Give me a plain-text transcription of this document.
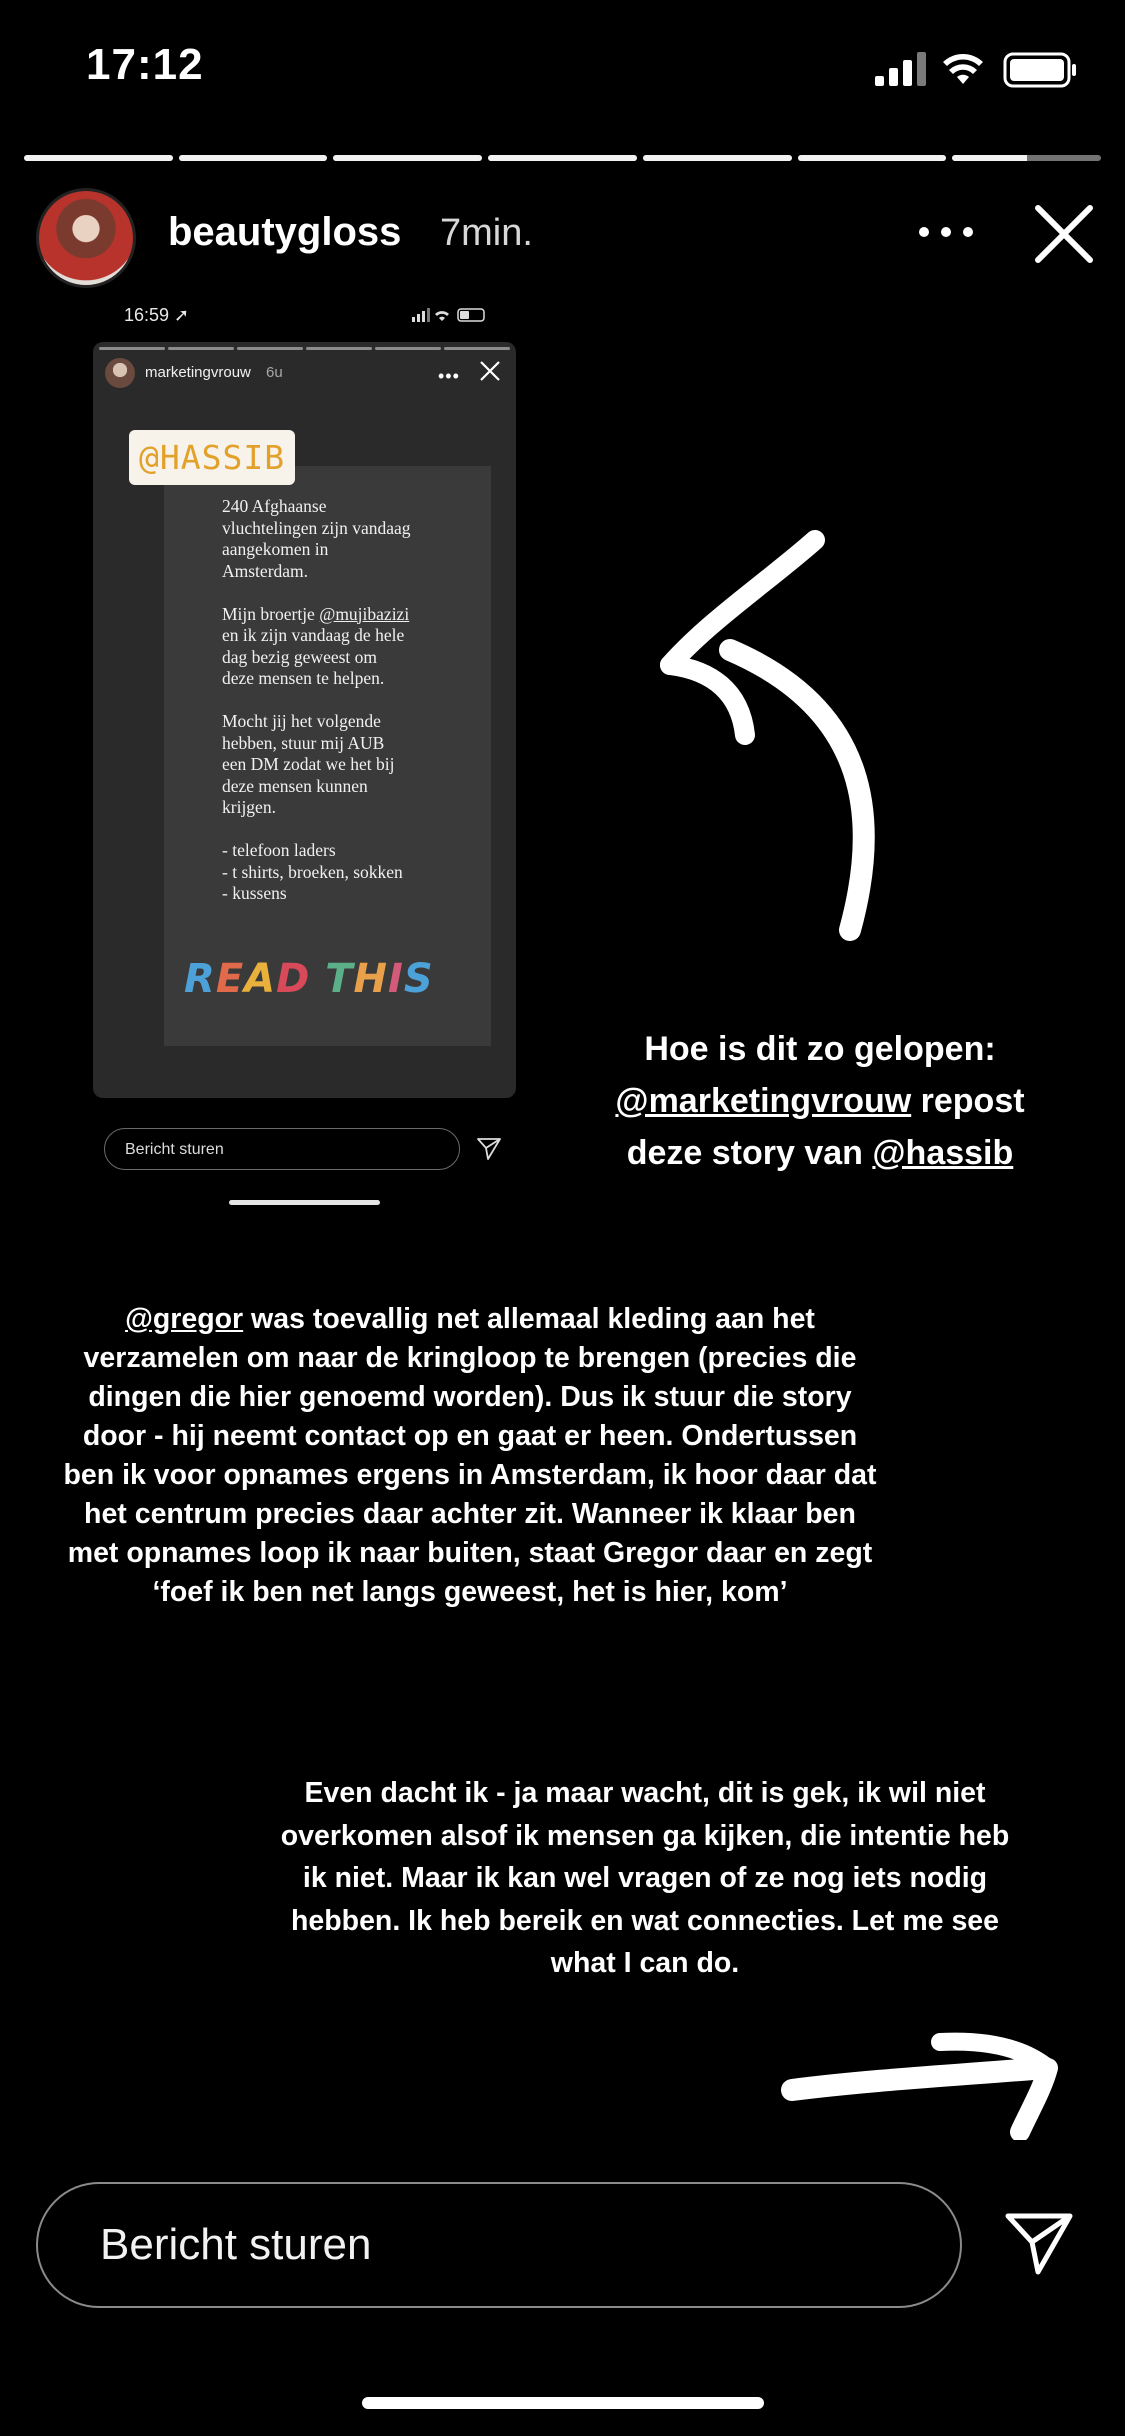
17:12
beautygloss 7min.
16:59 ➚
marketingvrouw 6u	•••
240 Afghaanse
vluchtelingen zijn vandaag
aangekomen in
Amsterdam.

Mijn broertje @mujibazizi
en ik zijn vandaag de hele
dag bezig geweest om
deze mensen te helpen.

Mocht jij het volgende
hebben, stuur mij AUB
een DM zodat we het bij
deze mensen kunnen
krijgen.

- telefoon laders
- t shirts, broeken, sokken
- kussens
READ THIS
@HASSIB
Bericht sturen
Hoe is dit zo gelopen:
@marketingvrouw repost
deze story van @hassib
@gregor was toevallig net allemaal kleding aan het verzamelen om naar de kringloop te brengen (precies die dingen die hier genoemd worden). Dus ik stuur die story door - hij neemt contact op en gaat er heen. Ondertussen ben ik voor opnames ergens in Amsterdam, ik hoor daar dat het centrum precies daar achter zit. Wanneer ik klaar ben met opnames loop ik naar buiten, staat Gregor daar en zegt ‘foef ik ben net langs geweest, het is hier, kom’
Even dacht ik - ja maar wacht, dit is gek, ik wil niet overkomen alsof ik mensen ga kijken, die intentie heb ik niet. Maar ik kan wel vragen of ze nog iets nodig hebben. Ik heb bereik en wat connecties. Let me see what I can do.
Bericht sturen
